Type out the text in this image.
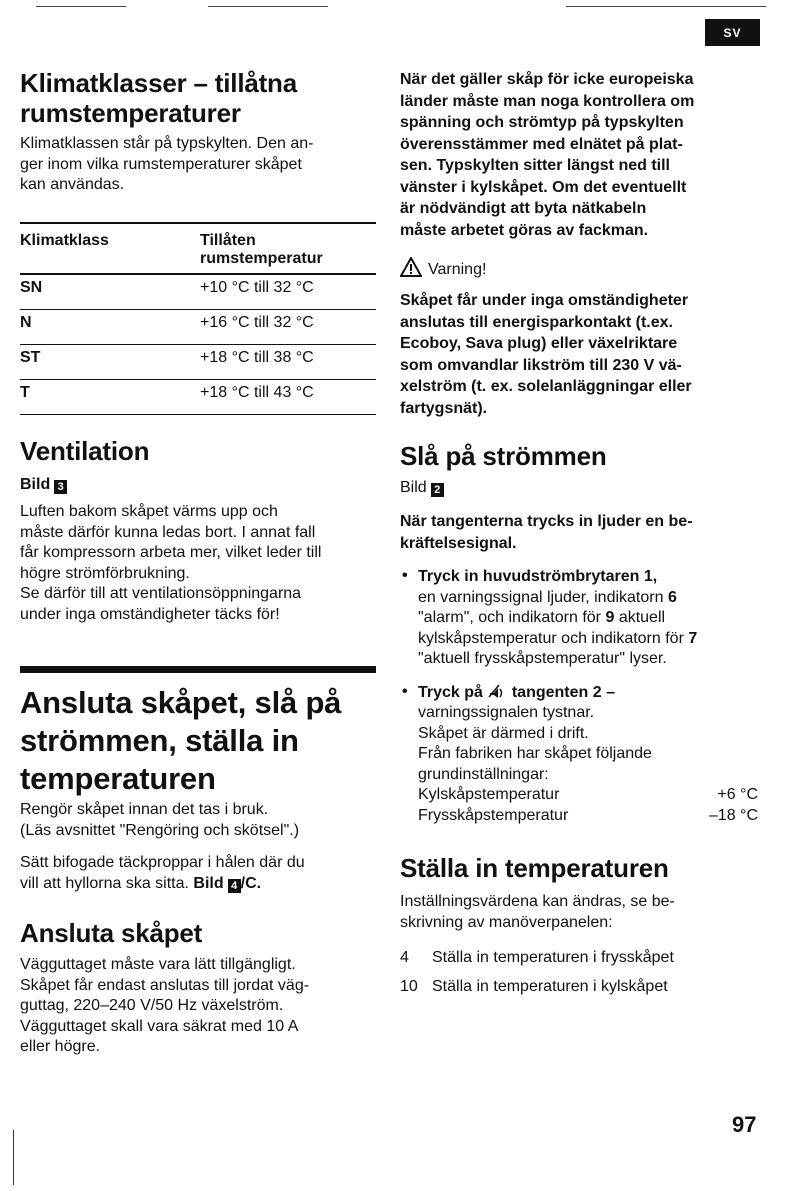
SV
Klimatklasser – tillåtna
rumstemperaturer
Klimatklassen står på typskylten. Den an-
ger inom vilka rumstemperaturer skåpet
kan användas.
Klimatklass	Tillåten
rumstemperatur

SN	+10 °C till 32 °C
N	+16 °C till 32 °C
ST	+18 °C till 38 °C
T	+18 °C till 43 °C
Ventilation
Bild 3
Luften bakom skåpet värms upp och
måste därför kunna ledas bort. I annat fall
får kompressorn arbeta mer, vilket leder till
högre strömförbrukning.
Se därför till att ventilationsöppningarna
under inga omständigheter täcks för!
Ansluta skåpet, slå på
strömmen, ställa in
temperaturen
Rengör skåpet innan det tas i bruk.
(Läs avsnittet "Rengöring och skötsel".)
Sätt bifogade täckproppar i hålen där du
vill att hyllorna ska sitta. Bild 4 /C.
Ansluta skåpet
Vägguttaget måste vara lätt tillgängligt.
Skåpet får endast anslutas till jordat väg-
guttag, 220–240 V/50 Hz växelström.
Vägguttaget skall vara säkrat med 10 A
eller högre.
När det gäller skåp för icke europeiska
länder måste man noga kontrollera om
spänning och strömtyp på typskylten
överensstämmer med elnätet på plat-
sen. Typskylten sitter längst ned till
vänster i kylskåpet. Om det eventuellt
är nödvändigt att byta nätkabeln
måste arbetet göras av fackman.
Varning!
Skåpet får under inga omständigheter
anslutas till energisparkontakt (t.ex.
Ecoboy, Sava plug) eller växelriktare
som omvandlar likström till 230 V vä-
xelström (t. ex. solelanläggningar eller
fartygsnät).
Slå på strömmen
Bild 2
När tangenterna trycks in ljuder en be-
kräftelsesignal.
• Tryck in huvudströmbrytaren 1,
en varningssignal ljuder, indikatorn 6
"alarm", och indikatorn för 9 aktuell
kylskåpstemperatur och indikatorn för 7
"aktuell frysskåpstemperatur" lyser.
• Tryck på tangenten 2 –
varningssignalen tystnar.
Skåpet är därmed i drift.
Från fabriken har skåpet följande
grundinställningar:
Kylskåpstemperatur	+6 °C
Frysskåpstemperatur	–18 °C
Ställa in temperaturen
Inställningsvärdena kan ändras, se be-
skrivning av manöverpanelen:
4 Ställa in temperaturen i frysskåpet
10 Ställa in temperaturen i kylskåpet
97
